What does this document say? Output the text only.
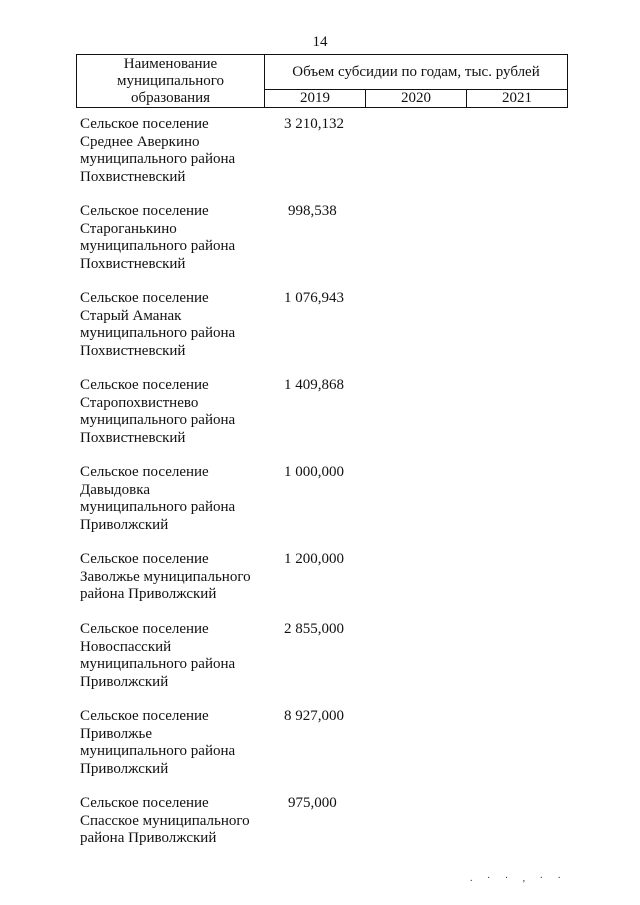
14
Наименование муниципального образования	Объем субсидии по годам, тыс. рублей		
	2019	2020	2021
Сельское поселение
Среднее Аверкино
муниципального района
Похвистневский
3 210,132
Сельское поселение
Староганькино
муниципального района
Похвистневский
998,538
Сельское поселение
Старый Аманак
муниципального района
Похвистневский
1 076,943
Сельское поселение
Старопохвистнево
муниципального района
Похвистневский
1 409,868
Сельское поселение
Давыдовка
муниципального района
Приволжский
1 000,000
Сельское поселение
Заволжье муниципального
района Приволжский
1 200,000
Сельское поселение
Новоспасский
муниципального района
Приволжский
2 855,000
Сельское поселение
Приволжье
муниципального района
Приволжский
8 927,000
Сельское поселение
Спасское муниципального
района Приволжский
975,000
. · · , · ·
